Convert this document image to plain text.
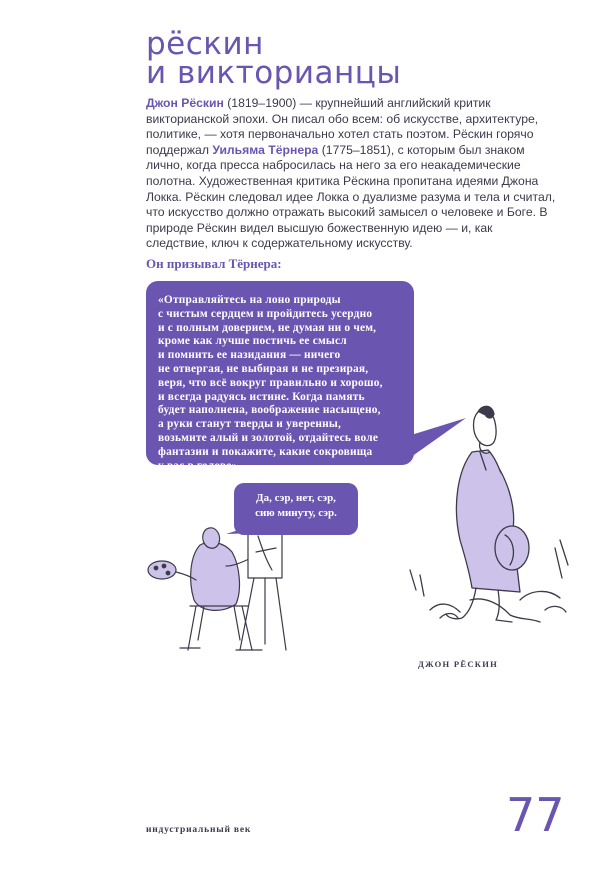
рёскин
и викторианцы
Джон Рёскин (1819–1900) — крупнейший английский критик викторианской эпохи. Он писал обо всем: об искусстве, архитектуре, политике, — хотя первоначально хотел стать поэтом. Рёскин горячо поддержал Уильяма Тёрнера (1775–1851), с которым был знаком лично, когда пресса набросилась на него за его неакадемические полотна. Художественная критика Рёскина пропитана идеями Джона Локка. Рёскин следовал идее Локка о дуализме разума и тела и считал, что искусство должно отражать высокий замысел о человеке и Боге. В природе Рёскин видел высшую божественную идею — и, как следствие, ключ к содержательному искусству.
Он призывал Тёрнера:
«Отправляйтесь на лоно природы
с чистым сердцем и пройдитесь усердно
и с полным доверием, не думая ни о чем,
кроме как лучше постичь ее смысл
и помнить ее назидания — ничего
не отвергая, не выбирая и не презирая,
веря, что всё вокруг правильно и хорошо,
и всегда радуясь истине. Когда память
будет наполнена, воображение насыщено,
а руки станут тверды и уверенны,
возьмите алый и золотой, отдайтесь воле
фантазии и покажите, какие сокровища
у вас в голове».
Да, сэр, нет, сэр,
сию минуту, сэр.
ДЖОН РЁСКИН
индустриальный век	77
